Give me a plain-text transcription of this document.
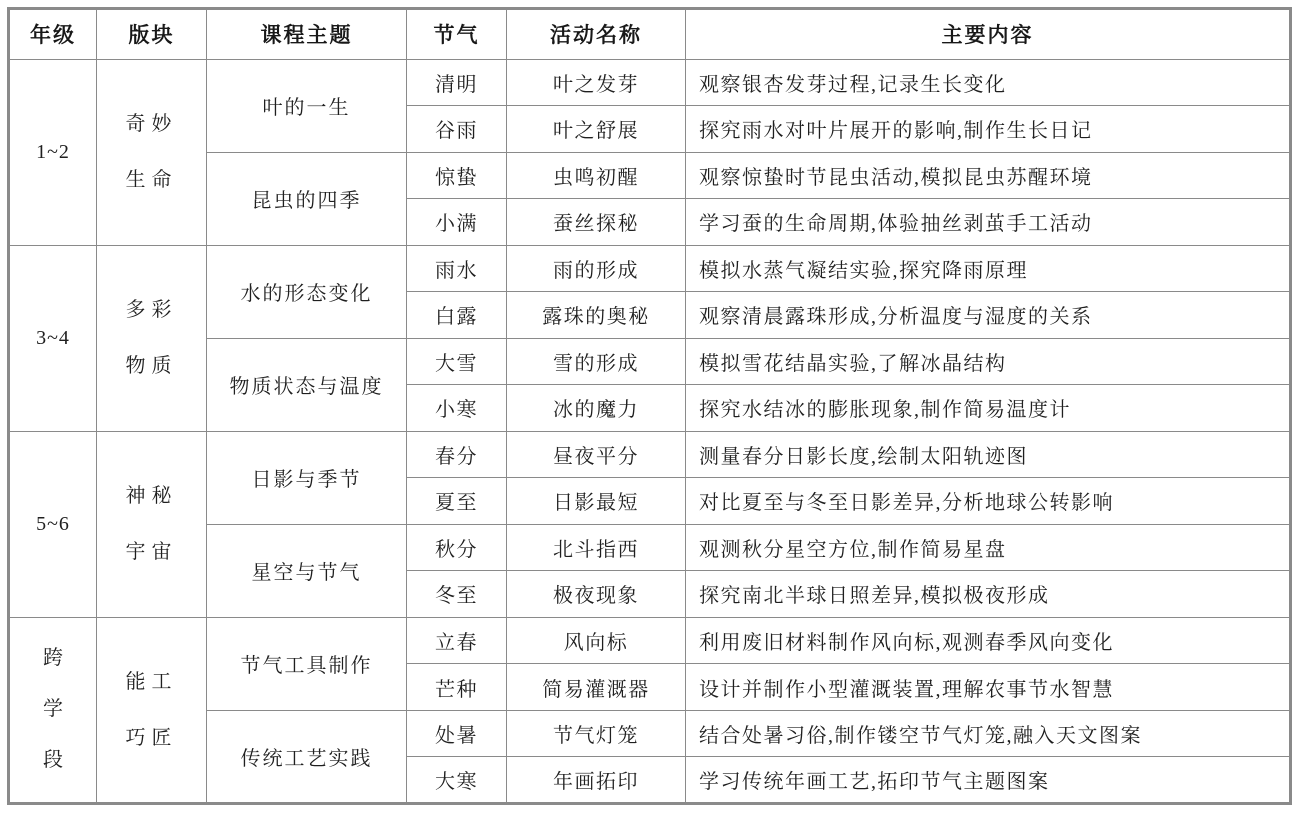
年级	版块	课程主题	节气	活动名称	主要内容
1~2	奇妙生命	叶的一生	清明	叶之发芽	观察银杏发芽过程,记录生长变化
			谷雨	叶之舒展	探究雨水对叶片展开的影响,制作生长日记
		昆虫的四季	惊蛰	虫鸣初醒	观察惊蛰时节昆虫活动,模拟昆虫苏醒环境
			小满	蚕丝探秘	学习蚕的生命周期,体验抽丝剥茧手工活动
3~4	多彩物质	水的形态变化	雨水	雨的形成	模拟水蒸气凝结实验,探究降雨原理
			白露	露珠的奥秘	观察清晨露珠形成,分析温度与湿度的关系
		物质状态与温度	大雪	雪的形成	模拟雪花结晶实验,了解冰晶结构
			小寒	冰的魔力	探究水结冰的膨胀现象,制作简易温度计
5~6	神秘宇宙	日影与季节	春分	昼夜平分	测量春分日影长度,绘制太阳轨迹图
			夏至	日影最短	对比夏至与冬至日影差异,分析地球公转影响
		星空与节气	秋分	北斗指西	观测秋分星空方位,制作简易星盘
			冬至	极夜现象	探究南北半球日照差异,模拟极夜形成
跨学段	能工巧匠	节气工具制作	立春	风向标	利用废旧材料制作风向标,观测春季风向变化
			芒种	简易灌溉器	设计并制作小型灌溉装置,理解农事节水智慧
		传统工艺实践	处暑	节气灯笼	结合处暑习俗,制作镂空节气灯笼,融入天文图案
			大寒	年画拓印	学习传统年画工艺,拓印节气主题图案
